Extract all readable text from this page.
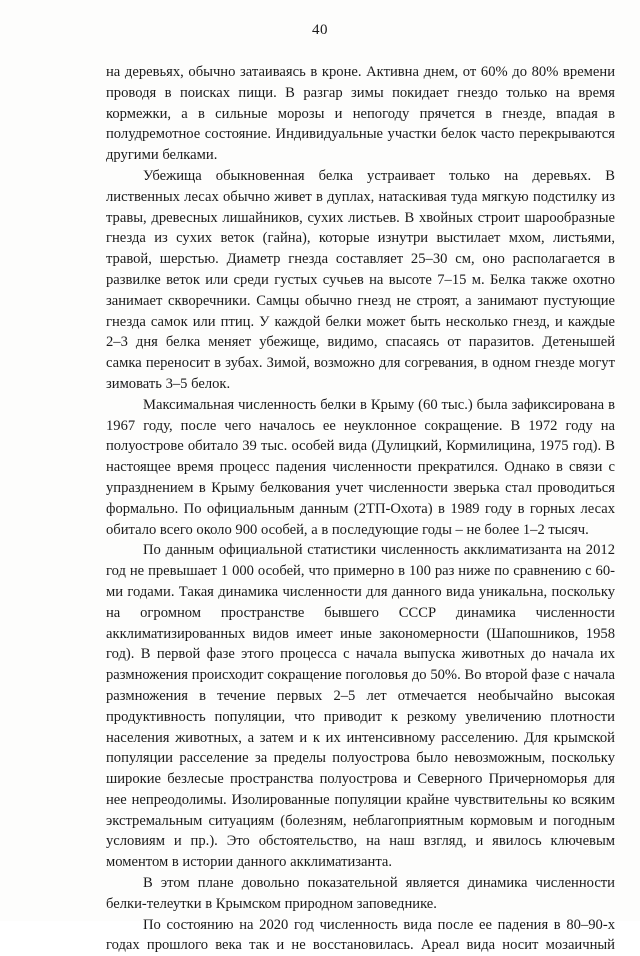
40

на деревьях, обычно затаиваясь в кроне. Активна днем, от 60% до 80% времени проводя в поисках пищи. В разгар зимы покидает гнездо только на время кормежки, а в сильные морозы и непогоду прячется в гнезде, впадая в полудремотное состояние. Индивидуальные участки белок часто перекрываются другими белками.

Убежища обыкновенная белка устраивает только на деревьях. В лиственных лесах обычно живет в дуплах, натаскивая туда мягкую подстилку из травы, древесных лишайников, сухих листьев. В хвойных строит шарообразные гнезда из сухих веток (гайна), которые изнутри выстилает мхом, листьями, травой, шерстью. Диаметр гнезда составляет 25–30 см, оно располагается в развилке веток или среди густых сучьев на высоте 7–15 м. Белка также охотно занимает скворечники. Самцы обычно гнезд не строят, а занимают пустующие гнезда самок или птиц. У каждой белки может быть несколько гнезд, и каждые 2–3 дня белка меняет убежище, видимо, спасаясь от паразитов. Детенышей самка переносит в зубах. Зимой, возможно для согревания, в одном гнезде могут зимовать 3–5 белок.

Максимальная численность белки в Крыму (60 тыс.) была зафиксирована в 1967 году, после чего началось ее неуклонное сокращение. В 1972 году на полуострове обитало 39 тыс. особей вида (Дулицкий, Кормилицина, 1975 год). В настоящее время процесс падения численности прекратился. Однако в связи с упразднением в Крыму белкования учет численности зверька стал проводиться формально. По официальным данным (2ТП-Охота) в 1989 году в горных лесах обитало всего около 900 особей, а в последующие годы – не более 1–2 тысяч.

По данным официальной статистики численность акклиматизанта на 2012 год не превышает 1 000 особей, что примерно в 100 раз ниже по сравнению с 60-ми годами. Такая динамика численности для данного вида уникальна, поскольку на огромном пространстве бывшего СССР динамика численности акклиматизированных видов имеет иные закономерности (Шапошников, 1958 год). В первой фазе этого процесса с начала выпуска животных до начала их размножения происходит сокращение поголовья до 50%. Во второй фазе с начала размножения в течение первых 2–5 лет отмечается необычайно высокая продуктивность популяции, что приводит к резкому увеличению плотности населения животных, а затем и к их интенсивному расселению. Для крымской популяции расселение за пределы полуострова было невозможным, поскольку широкие безлесые пространства полуострова и Северного Причерноморья для нее непреодолимы. Изолированные популяции крайне чувствительны ко всяким экстремальным ситуациям (болезням, неблагоприятным кормовым и погодным условиям и пр.). Это обстоятельство, на наш взгляд, и явилось ключевым моментом в истории данного акклиматизанта.

В этом плане довольно показательной является динамика численности белки-телеутки в Крымском природном заповеднике.

По состоянию на 2020 год численность вида после ее падения в 80–90-х годах прошлого века так и не восстановилась. Ареал вида носит мозаичный
